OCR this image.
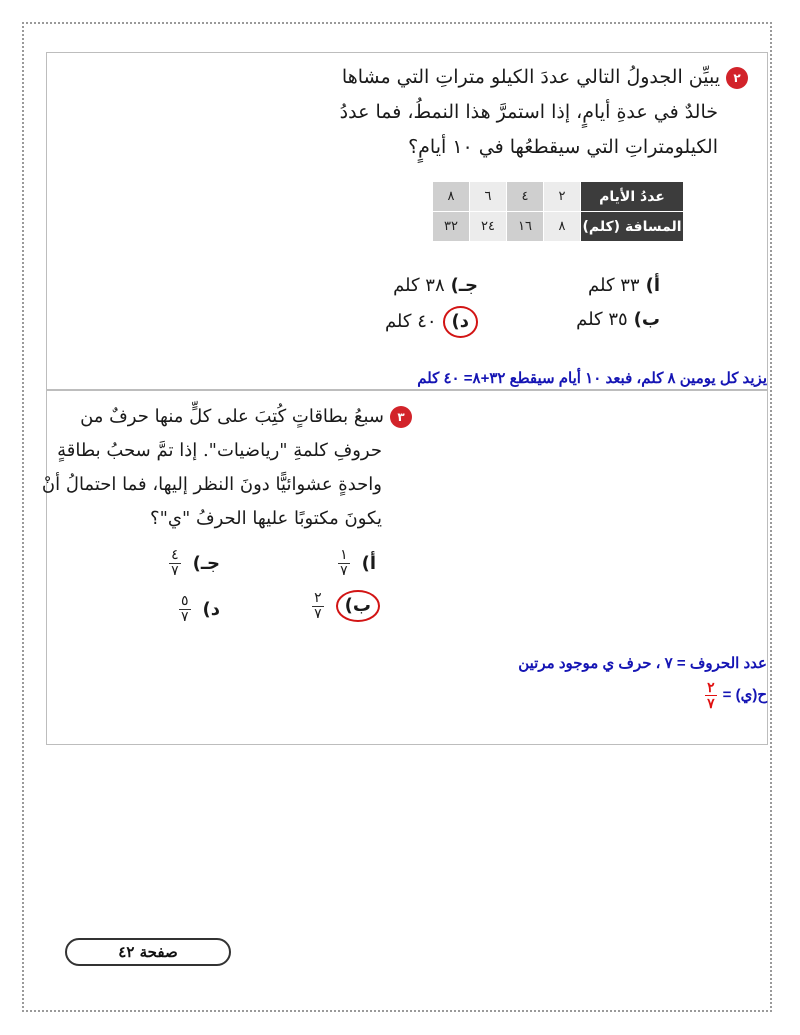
٢يبيِّن الجدولُ التالي عددَ الكيلو متراتِ التي مشاها
خالدٌ في عدةِ أيامٍ، إذا استمرَّ هذا النمطُ، فما عددُ
الكيلومتراتِ التي سيقطعُها في ١٠ أيامٍ؟
عددُ الأيام	٢	٤	٦	٨
المسافة (كلم)	٨	١٦	٢٤	٣٢
أ)٣٣ كلم
جـ)٣٨ كلم
ب)٣٥ كلم
د)٤٠ كلم
يزيد كل يومين ٨ كلم، فبعد ١٠ أيام سيقطع ٣٢+٨= ٤٠ كلم
٣سبعُ بطاقاتٍ كُتِبَ على كلٍّ منها حرفٌ من
حروفِ كلمةِ "رياضيات". إذا تمَّ سحبُ بطاقةٍ
واحدةٍ عشوائيًّا دونَ النظر إليها، فما احتمالُ أنْ
يكونَ مكتوبًا عليها الحرفُ "ي"؟
أ)
$\frac{١}{٧}$
جـ)
$\frac{٤}{٧}$
ب)
$\frac{٢}{٧}$
د)
$\frac{٥}{٧}$
عدد الحروف = ٧ ، حرف ي موجود مرتين
ح(ي) =
$\frac{٢}{٧}$
صفحة ٤٢
